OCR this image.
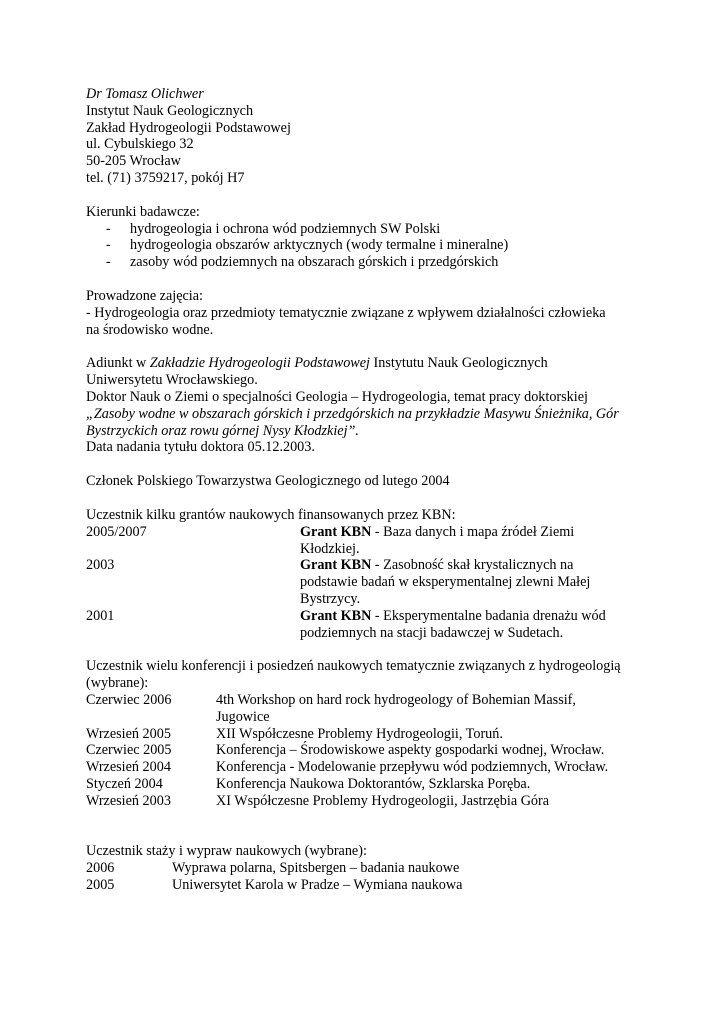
Dr Tomasz Olichwer
Instytut Nauk Geologicznych
Zakład Hydrogeologii Podstawowej
ul. Cybulskiego 32
50-205 Wrocław
tel. (71) 3759217, pokój H7
Kierunki badawcze:
- hydrogeologia i ochrona wód podziemnych SW Polski
- hydrogeologia obszarów arktycznych (wody termalne i mineralne)
- zasoby wód podziemnych na obszarach górskich i przedgórskich
Prowadzone zajęcia:
- Hydrogeologia oraz przedmioty tematycznie związane z wpływem działalności człowieka
na środowisko wodne.
Adiunkt w Zakładzie Hydrogeologii Podstawowej Instytutu Nauk Geologicznych
Uniwersytetu Wrocławskiego.
Doktor Nauk o Ziemi o specjalności Geologia – Hydrogeologia, temat pracy doktorskiej
„Zasoby wodne w obszarach górskich i przedgórskich na przykładzie Masywu Śnieżnika, Gór
Bystrzyckich oraz rowu górnej Nysy Kłodzkiej”.
Data nadania tytułu doktora 05.12.2003.
Członek Polskiego Towarzystwa Geologicznego od lutego 2004
Uczestnik kilku grantów naukowych finansowanych przez KBN:
2005/2007	Grant KBN - Baza danych i mapa źródeł Ziemi Kłodzkiej.
2003	Grant KBN - Zasobność skał krystalicznych na podstawie badań w eksperymentalnej zlewni Małej Bystrzycy.
2001	Grant KBN - Eksperymentalne badania drenażu wód podziemnych na stacji badawczej w Sudetach.
Uczestnik wielu konferencji i posiedzeń naukowych tematycznie związanych z hydrogeologią
(wybrane):
Czerwiec 2006	4th Workshop on hard rock hydrogeology of Bohemian Massif, Jugowice
Wrzesień 2005	XII Współczesne Problemy Hydrogeologii, Toruń.
Czerwiec 2005	Konferencja – Środowiskowe aspekty gospodarki wodnej, Wrocław.
Wrzesień 2004	Konferencja - Modelowanie przepływu wód podziemnych, Wrocław.
Styczeń 2004	Konferencja Naukowa Doktorantów, Szklarska Poręba.
Wrzesień 2003	XI Współczesne Problemy Hydrogeologii, Jastrzębia Góra
Uczestnik staży i wypraw naukowych (wybrane):
2006	Wyprawa polarna, Spitsbergen – badania naukowe
2005	Uniwersytet Karola w Pradze – Wymiana naukowa
